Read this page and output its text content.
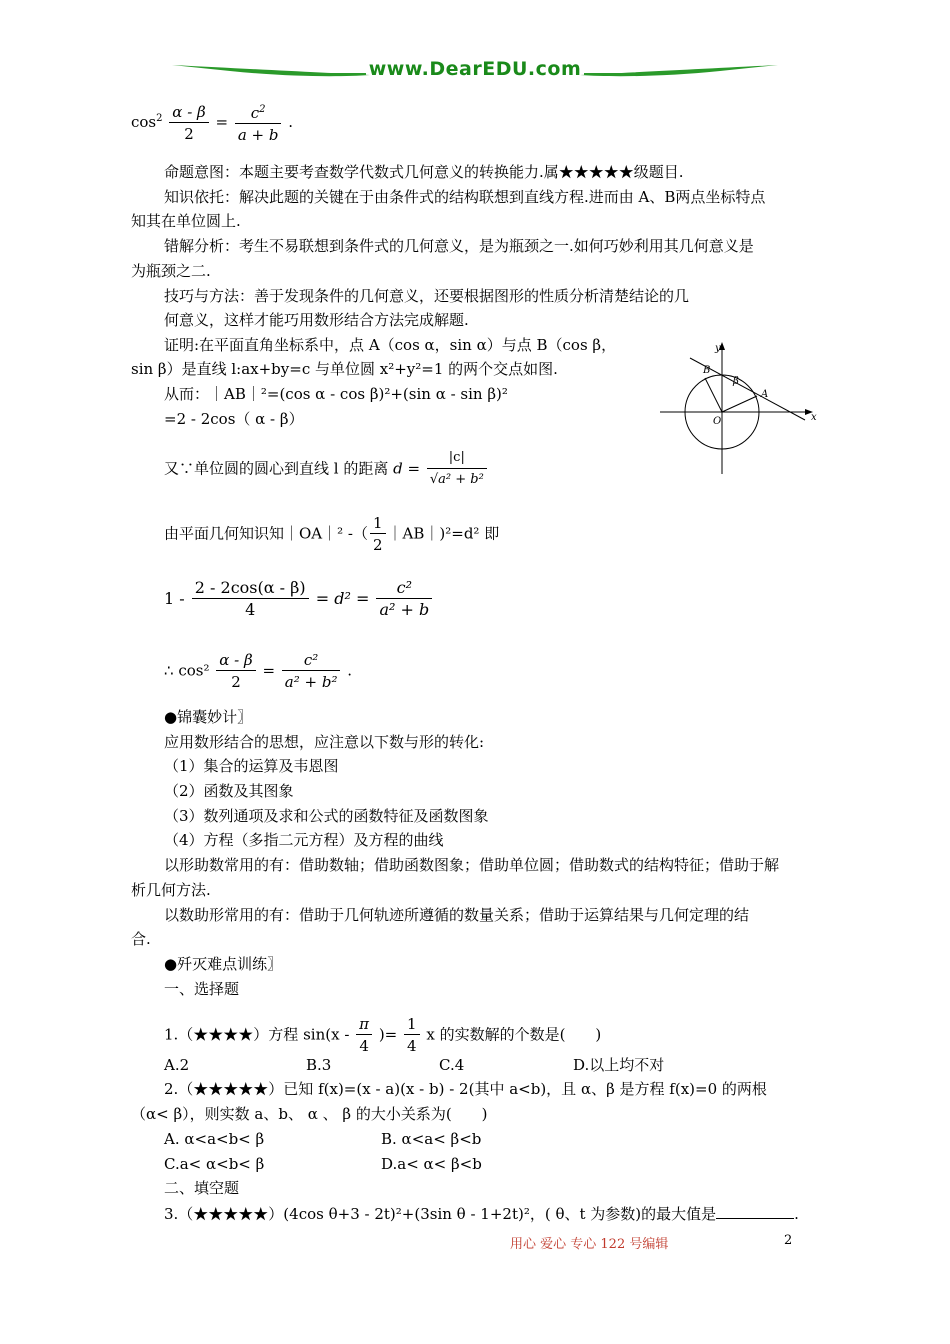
www.DearEDU.com
$\cos^2 \frac{\alpha - \beta}{2} = \frac{c^2}{a + b}$ .
命题意图：本题主要考查数学代数式几何意义的转换能力.属★★★★★级题目.
知识依托：解决此题的关键在于由条件式的结构联想到直线方程.进而由 A、B两点坐标特点
知其在单位圆上.
错解分析：考生不易联想到条件式的几何意义，是为瓶颈之一.如何巧妙利用其几何意义是
为瓶颈之二.
技巧与方法：善于发现条件的几何意义，还要根据图形的性质分析清楚结论的几
何意义，这样才能巧用数形结合方法完成解题.
证明:在平面直角坐标系中，点 A（cos α，sin α）与点 B（cos β，
sin β）是直线 l:ax+by=c 与单位圆 x²+y²=1 的两个交点如图.
从而：｜AB｜²=(cos α - cos β)²+(sin α - sin β)²
=2 - 2cos（ α - β）
又∵单位圆的圆心到直线 l 的距离 $d = \frac{|c|}{\text{√a² + b²}}$
由平面几何知识知｜OA｜² -（ $\frac{1}{2}$ ｜AB｜)²=d² 即
$1 - \frac{2 - 2\cos(\alpha - \beta)}{4} = d^2 = \frac{\text{c²}}{\text{a² + b}}$
∴ $\cos^2 \frac{\alpha - \beta}{2} = \frac{\text{c²}}{\text{a² + b²}}$ .
y
x
O
A
B
β
●锦囊妙计〗
应用数形结合的思想，应注意以下数与形的转化:
（1）集合的运算及韦恩图
（2）函数及其图象
（3）数列通项及求和公式的函数特征及函数图象
（4）方程（多指二元方程）及方程的曲线
以形助数常用的有：借助数轴；借助函数图象；借助单位圆；借助数式的结构特征；借助于解
析几何方法.
以数助形常用的有：借助于几何轨迹所遵循的数量关系；借助于运算结果与几何定理的结
合.
●歼灭难点训练〗
一、选择题
1.（★★★★）方程 $\sin(x - \frac{\pi}{4}$ )= $\frac{1}{4}$ x 的实数解的个数是(　　)
A.2	B.3	C.4	D.以上均不对
2.（★★★★★）已知 f(x)=(x - a)(x - b) - 2(其中 a<b)，且 α、β 是方程 f(x)=0 的两根
（α< β），则实数 a、b、 α 、 β 的大小关系为(　　)
A. α<a<b< β	B. α<a< β<b
C.a< α<b< β	D.a< α< β<b
二、填空题
3.（★★★★★）(4cos θ+3 - 2t)²+(3sin θ - 1+2t)²，( θ、t 为参数)的最大值是	.
用心 爱心 专心 122 号编辑	2
